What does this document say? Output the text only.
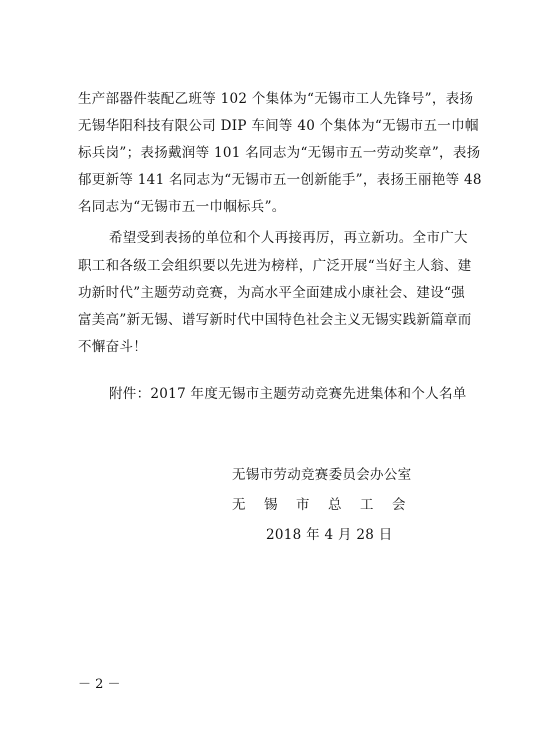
生产部器件装配乙班等 102 个集体为“无锡市工人先锋号”，表扬
无锡华阳科技有限公司 DIP 车间等 40 个集体为“无锡市五一巾帼
标兵岗”；表扬戴润等 101 名同志为“无锡市五一劳动奖章”，表扬
郁更新等 141 名同志为“无锡市五一创新能手”，表扬王丽艳等 48
名同志为“无锡市五一巾帼标兵”。
希望受到表扬的单位和个人再接再厉，再立新功。全市广大
职工和各级工会组织要以先进为榜样，广泛开展“当好主人翁、建
功新时代”主题劳动竞赛，为高水平全面建成小康社会、建设“强
富美高”新无锡、谱写新时代中国特色社会主义无锡实践新篇章而
不懈奋斗！
附件：2017 年度无锡市主题劳动竞赛先进集体和个人名单
无锡市劳动竞赛委员会办公室
无锡市总工会
2018 年 4 月 28 日
－ 2 －
